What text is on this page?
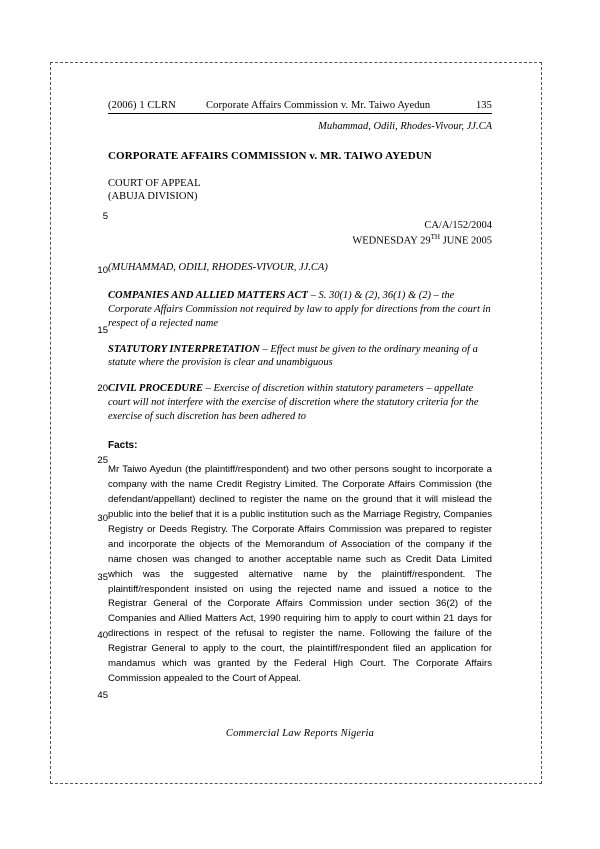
5
10
15
20
25
30
35
40
45
(2006) 1 CLRN	Corporate Affairs Commission v. Mr. Taiwo Ayedun	135
Muhammad, Odili, Rhodes-Vivour, JJ.CA
CORPORATE AFFAIRS COMMISSION v. MR. TAIWO AYEDUN
COURT OF APPEAL
(ABUJA DIVISION)
CA/A/152/2004
WEDNESDAY 29TH JUNE 2005
(MUHAMMAD, ODILI, RHODES-VIVOUR, JJ.CA)
COMPANIES AND ALLIED MATTERS ACT – S. 30(1) & (2), 36(1) & (2) – the Corporate Affairs Commission not required by law to apply for directions from the court in respect of a rejected name
STATUTORY INTERPRETATION – Effect must be given to the ordinary meaning of a statute where the provision is clear and unambiguous
CIVIL PROCEDURE – Exercise of discretion within statutory parameters – appellate court will not interfere with the exercise of discretion where the statutory criteria for the exercise of such discretion has been adhered to
Facts:
Mr Taiwo Ayedun (the plaintiff/respondent) and two other persons sought to incorporate a company with the name Credit Registry Limited. The Corporate Affairs Commission (the defendant/appellant) declined to register the name on the ground that it will mislead the public into the belief that it is a public institution such as the Marriage Registry, Companies Registry or Deeds Registry. The Corporate Affairs Commission was prepared to register and incorporate the objects of the Memorandum of Association of the company if the name chosen was changed to another acceptable name such as Credit Data Limited which was the suggested alternative name by the plaintiff/respondent. The plaintiff/respondent insisted on using the rejected name and issued a notice to the Registrar General of the Corporate Affairs Commission under section 36(2) of the Companies and Allied Matters Act, 1990 requiring him to apply to court within 21 days for directions in respect of the refusal to register the name. Following the failure of the Registrar General to apply to the court, the plaintiff/respondent filed an application for mandamus which was granted by the Federal High Court. The Corporate Affairs Commission appealed to the Court of Appeal.
Commercial Law Reports Nigeria
